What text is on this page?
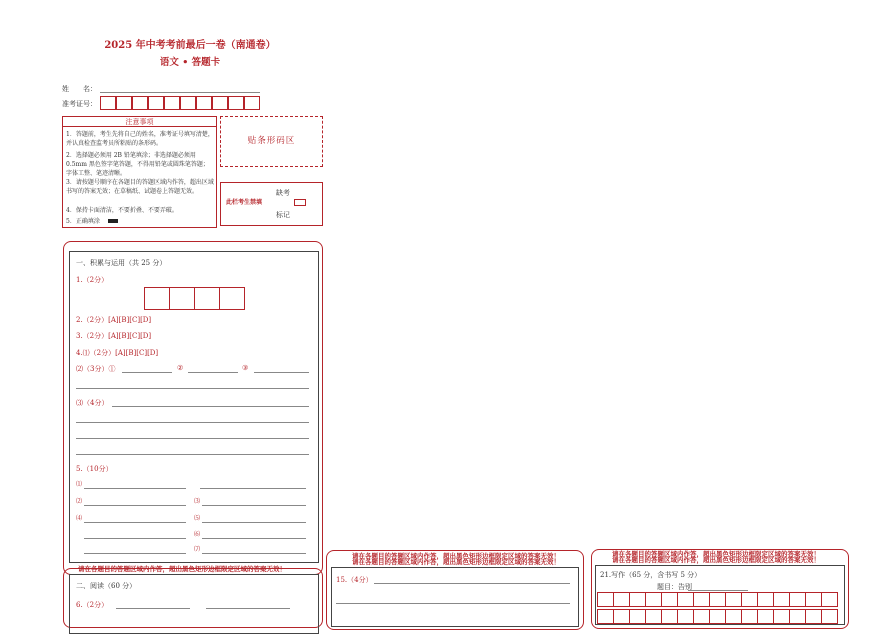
2025 年中考考前最后一卷（南通卷）
语文 • 答题卡
姓　　名：
准考证号：
注意事项
1．答题前，考生先将自己的姓名，准考证号填写清楚，并认真检查监考员所粘贴的条形码。
2．选择题必须用 2B 铅笔填涂；非选择题必须用 0.5mm 黑色签字笔答题，不得用铅笔或圆珠笔答题；字体工整、笔迹清晰。
3．请按题号顺序在各题目的答题区域内作答，超出区域书写的答案无效；在草稿纸、试题卷上答题无效。
4．保持卡面清洁，不要折叠、不要弄破。
5．正确填涂
贴条形码区
此栏考生禁填
缺考
标记
一、积累与运用（共 25 分）
1.（2分）
2.（2分）[A][B][C][D]
3.（2分）[A][B][C][D]
4.⑴（2分）[A][B][C][D]
⑵（3分）①	②	③
⑶（4分）
5.（10分）
⑴
⑵	⑶
⑷	⑸
⑹
⑺
请在各题目的答题区域内作答，超出黑色矩形边框限定区域的答案无效！
二、阅读（60 分）
6.（2分）
请在各题目的答题区域内作答，超出黑色矩形边框限定区域的答案无效！
请在各题目的答题区域内作答，超出黑色矩形边框限定区域的答案无效！
15.（4分）
请在各题目的答题区域内作答，超出黑色矩形边框限定区域的答案无效！
请在各题目的答题区域内作答，超出黑色矩形边框限定区域的答案无效！
21.写作（65 分，含书写 5 分）
题目：告别
